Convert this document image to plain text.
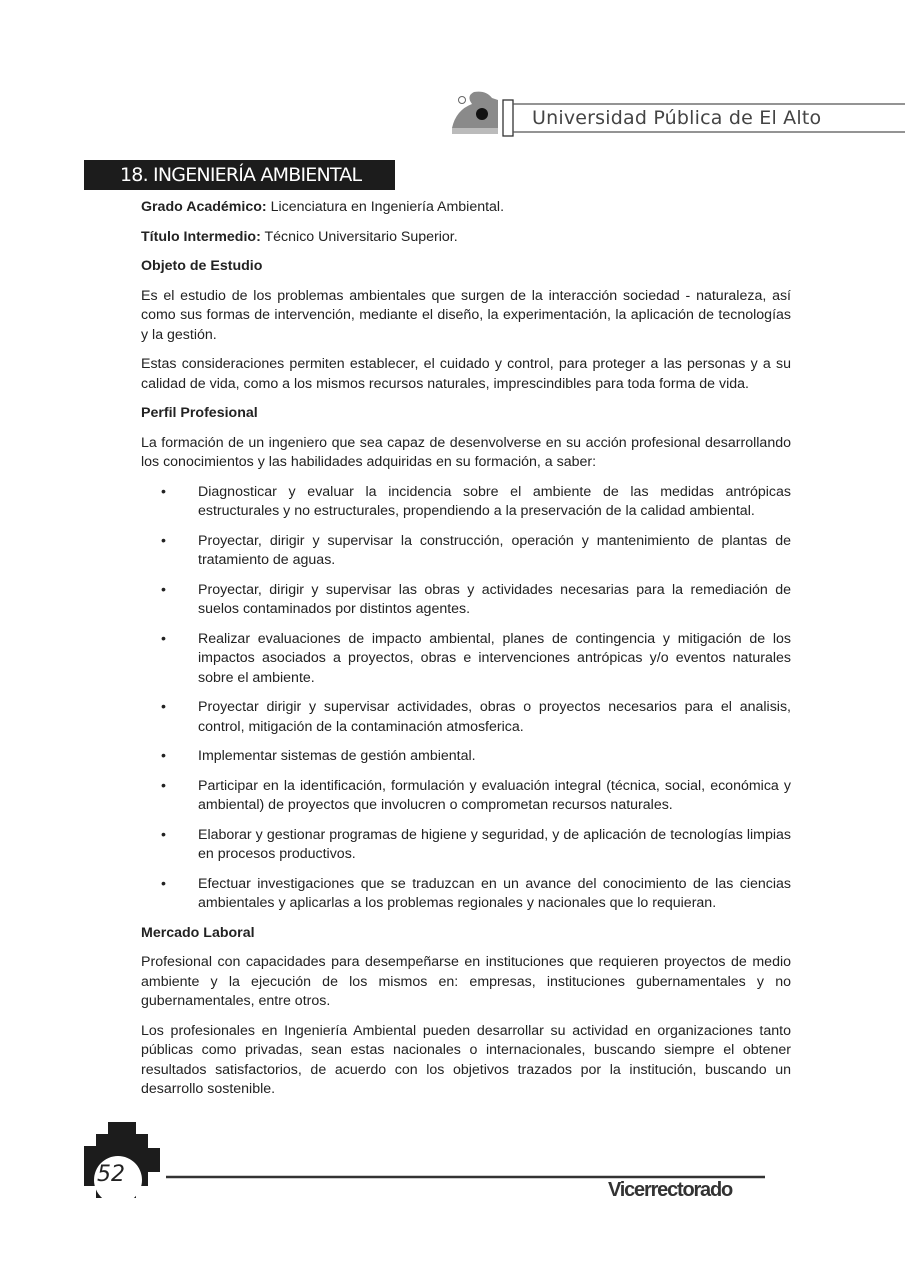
Universidad Pública de El Alto
18. INGENIERÍA AMBIENTAL

Grado Académico: Licenciatura en Ingeniería Ambiental.

Título Intermedio: Técnico Universitario Superior.

Objeto de Estudio

Es el estudio de los problemas ambientales que surgen de la interacción sociedad - naturaleza, así como sus formas de intervención, mediante el diseño, la experimentación, la aplicación de tecnologías y la gestión.

Estas consideraciones permiten establecer, el cuidado y control, para proteger a las personas y a su calidad de vida, como a los mismos recursos naturales, imprescindibles para toda forma de vida.

Perfil Profesional

La formación de un ingeniero que sea capaz de desenvolverse en su acción profesional desarrollando los conocimientos y las habilidades adquiridas en su formación, a saber:

• Diagnosticar y evaluar la incidencia sobre el ambiente de las medidas antrópicas estructurales y no estructurales, propendiendo a la preservación de la calidad ambiental.
• Proyectar, dirigir y supervisar la construcción, operación y mantenimiento de plantas de tratamiento de aguas.
• Proyectar, dirigir y supervisar las obras y actividades necesarias para la remediación de suelos contaminados por distintos agentes.
• Realizar evaluaciones de impacto ambiental, planes de contingencia y mitigación de los impactos asociados a proyectos, obras e intervenciones antrópicas y/o eventos naturales sobre el ambiente.
• Proyectar dirigir y supervisar actividades, obras o proyectos necesarios para el analisis, control, mitigación de la contaminación atmosferica.
• Implementar sistemas de gestión ambiental.
• Participar en la identificación, formulación y evaluación integral (técnica, social, económica y ambiental) de proyectos que involucren o comprometan recursos naturales.
• Elaborar y gestionar programas de higiene y seguridad, y de aplicación de tecnologías limpias en procesos productivos.
• Efectuar investigaciones que se traduzcan en un avance del conocimiento de las ciencias ambientales y aplicarlas a los problemas regionales y nacionales que lo requieran.

Mercado Laboral

Profesional con capacidades para desempeñarse en instituciones que requieren proyectos de medio ambiente y la ejecución de los mismos en: empresas, instituciones gubernamentales y no gubernamentales, entre otros.

Los profesionales en Ingeniería Ambiental pueden desarrollar su actividad en organizaciones tanto públicas como privadas, sean estas nacionales o internacionales, buscando siempre el obtener resultados satisfactorios, de acuerdo con los objetivos trazados por la institución, buscando un desarrollo sostenible.

52
Vicerrectorado
